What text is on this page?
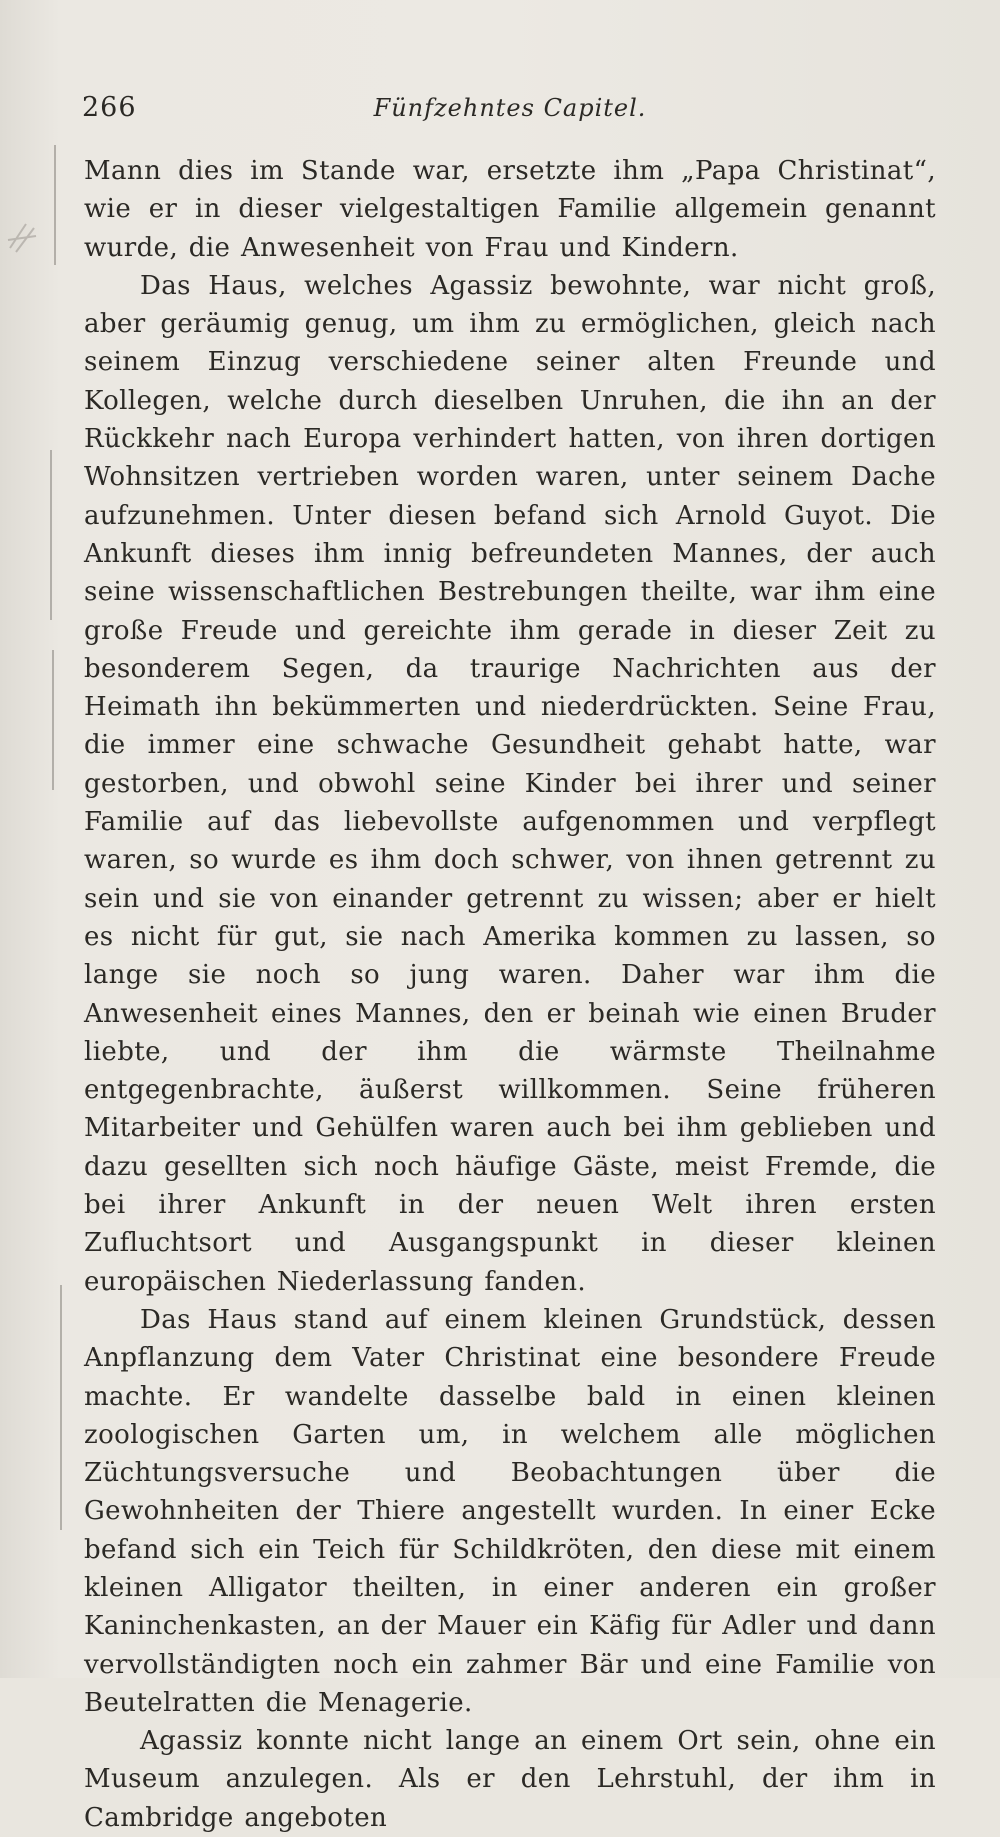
266	Fünfzehntes Capitel.

Mann dies im Stande war, ersetzte ihm „Papa Christinat“, wie er in dieser vielgestaltigen Familie allgemein genannt wurde, die Anwesenheit von Frau und Kindern.

Das Haus, welches Agassiz bewohnte, war nicht groß, aber geräumig genug, um ihm zu ermöglichen, gleich nach seinem Einzug verschiedene seiner alten Freunde und Kollegen, welche durch dieselben Unruhen, die ihn an der Rückkehr nach Europa verhindert hatten, von ihren dortigen Wohnsitzen vertrieben worden waren, unter seinem Dache aufzunehmen. Unter diesen befand sich Arnold Guyot. Die Ankunft dieses ihm innig befreundeten Mannes, der auch seine wissenschaftlichen Bestrebungen theilte, war ihm eine große Freude und gereichte ihm gerade in dieser Zeit zu besonderem Segen, da traurige Nachrichten aus der Heimath ihn bekümmerten und niederdrückten. Seine Frau, die immer eine schwache Gesundheit gehabt hatte, war gestorben, und obwohl seine Kinder bei ihrer und seiner Familie auf das liebevollste aufgenommen und verpflegt waren, so wurde es ihm doch schwer, von ihnen getrennt zu sein und sie von einander getrennt zu wissen; aber er hielt es nicht für gut, sie nach Amerika kommen zu lassen, so lange sie noch so jung waren. Daher war ihm die Anwesenheit eines Mannes, den er beinah wie einen Bruder liebte, und der ihm die wärmste Theilnahme entgegenbrachte, äußerst willkommen. Seine früheren Mitarbeiter und Gehülfen waren auch bei ihm geblieben und dazu gesellten sich noch häufige Gäste, meist Fremde, die bei ihrer Ankunft in der neuen Welt ihren ersten Zufluchtsort und Ausgangspunkt in dieser kleinen europäischen Niederlassung fanden.

Das Haus stand auf einem kleinen Grundstück, dessen Anpflanzung dem Vater Christinat eine besondere Freude machte. Er wandelte dasselbe bald in einen kleinen zoologischen Garten um, in welchem alle möglichen Züchtungsversuche und Beobachtungen über die Gewohnheiten der Thiere angestellt wurden. In einer Ecke befand sich ein Teich für Schildkröten, den diese mit einem kleinen Alligator theilten, in einer anderen ein großer Kaninchenkasten, an der Mauer ein Käfig für Adler und dann vervollständigten noch ein zahmer Bär und eine Familie von Beutelratten die Menagerie.

Agassiz konnte nicht lange an einem Ort sein, ohne ein Museum anzulegen. Als er den Lehrstuhl, der ihm in Cambridge angeboten
